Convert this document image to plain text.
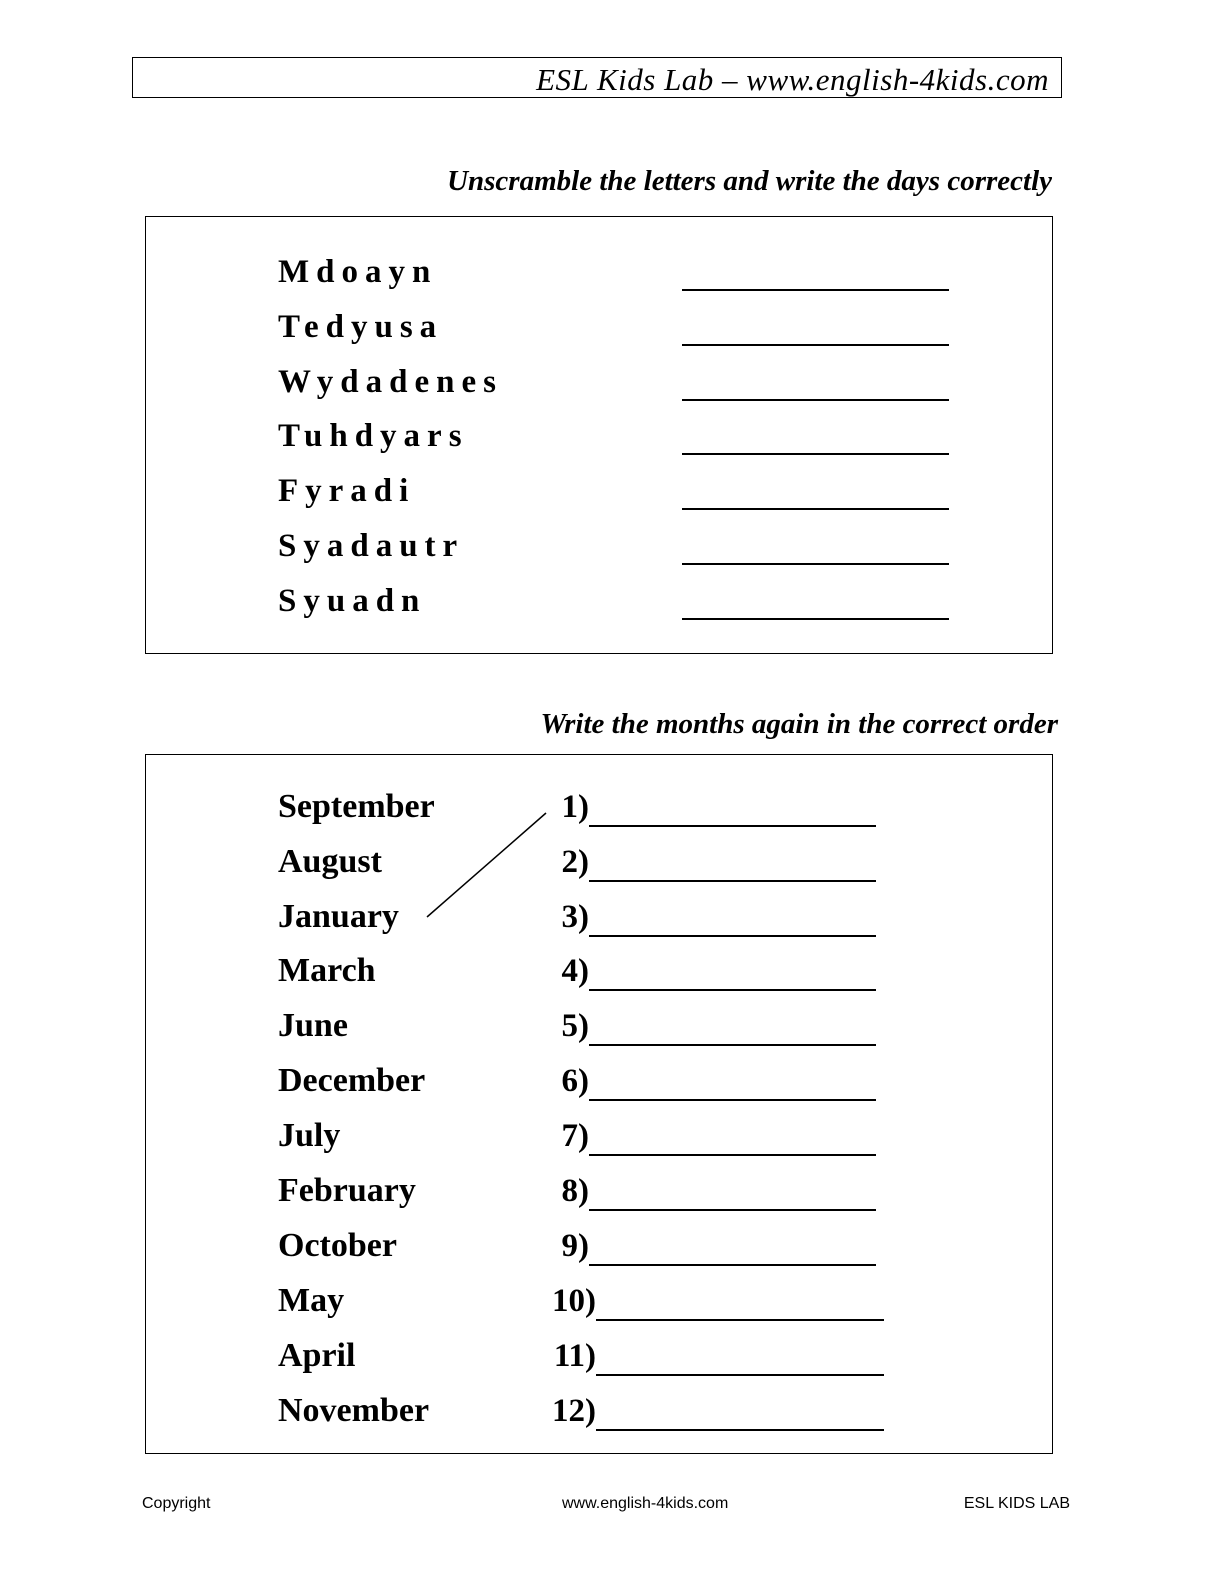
ESL Kids Lab – www.english-4kids.com
Unscramble the letters and write the days correctly
Mdoayn
Tedyusa
Wydadenes
Tuhdyars
Fyradi
Syadautr
Syuadn
Write the months again in the correct order
September	1)
August	2)
January	3)
March	4)
June	5)
December	6)
July	7)
February	8)
October	9)
May	10)
April	11)
November	12)
Copyright	www.english-4kids.com	ESL KIDS LAB
